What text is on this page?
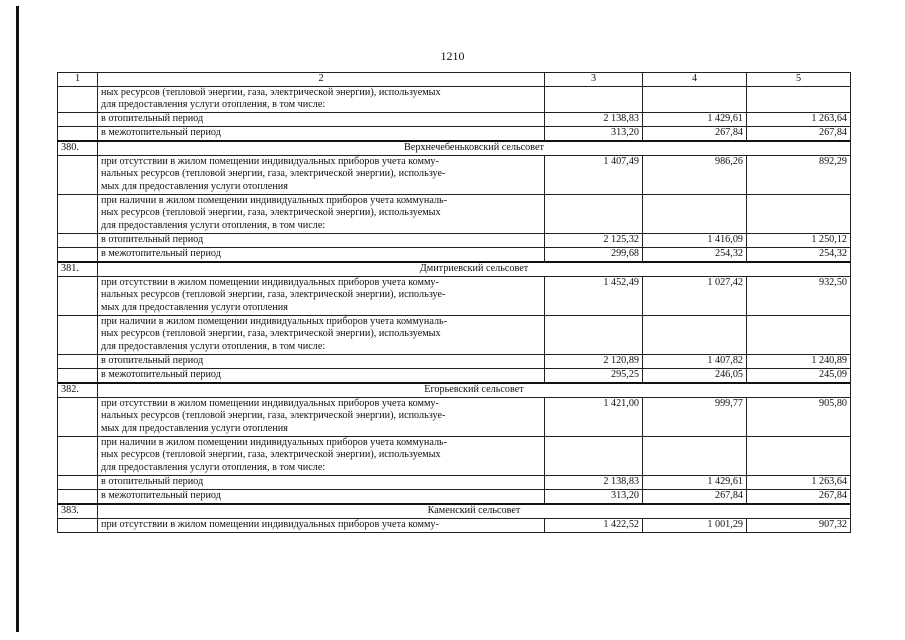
1210
1	2	3	4	5

	ных ресурсов (тепловой энергии, газа, электрической энергии), используемых
для предоставления услуги отопления, в том числе:			

	в отопительный период	2 138,83	1 429,61	1 263,64

	в межотопительный период	313,20	267,84	267,84
380.	Верхнечебеньковский сельсовет			

	при отсутствии в жилом помещении индивидуальных приборов учета комму-
нальных ресурсов (тепловой энергии, газа, электрической энергии), используе-
мых для предоставления услуги отопления	1 407,49	986,26	892,29

	при наличии в жилом помещении индивидуальных приборов учета коммуналь-
ных ресурсов (тепловой энергии, газа, электрической энергии), используемых
для предоставления услуги отопления, в том числе:			

	в отопительный период	2 125,32	1 416,09	1 250,12

	в межотопительный период	299,68	254,32	254,32
381.	Дмитриевский сельсовет			

	при отсутствии в жилом помещении индивидуальных приборов учета комму-
нальных ресурсов (тепловой энергии, газа, электрической энергии), используе-
мых для предоставления услуги отопления	1 452,49	1 027,42	932,50

	при наличии в жилом помещении индивидуальных приборов учета коммуналь-
ных ресурсов (тепловой энергии, газа, электрической энергии), используемых
для предоставления услуги отопления, в том числе:			

	в отопительный период	2 120,89	1 407,82	1 240,89

	в межотопительный период	295,25	246,05	245,09
382.	Егорьевский сельсовет			

	при отсутствии в жилом помещении индивидуальных приборов учета комму-
нальных ресурсов (тепловой энергии, газа, электрической энергии), используе-
мых для предоставления услуги отопления	1 421,00	999,77	905,80

	при наличии в жилом помещении индивидуальных приборов учета коммуналь-
ных ресурсов (тепловой энергии, газа, электрической энергии), используемых
для предоставления услуги отопления, в том числе:			

	в отопительный период	2 138,83	1 429,61	1 263,64

	в межотопительный период	313,20	267,84	267,84
383.	Каменский сельсовет			

	при отсутствии в жилом помещении индивидуальных приборов учета комму-	1 422,52	1 001,29	907,32
